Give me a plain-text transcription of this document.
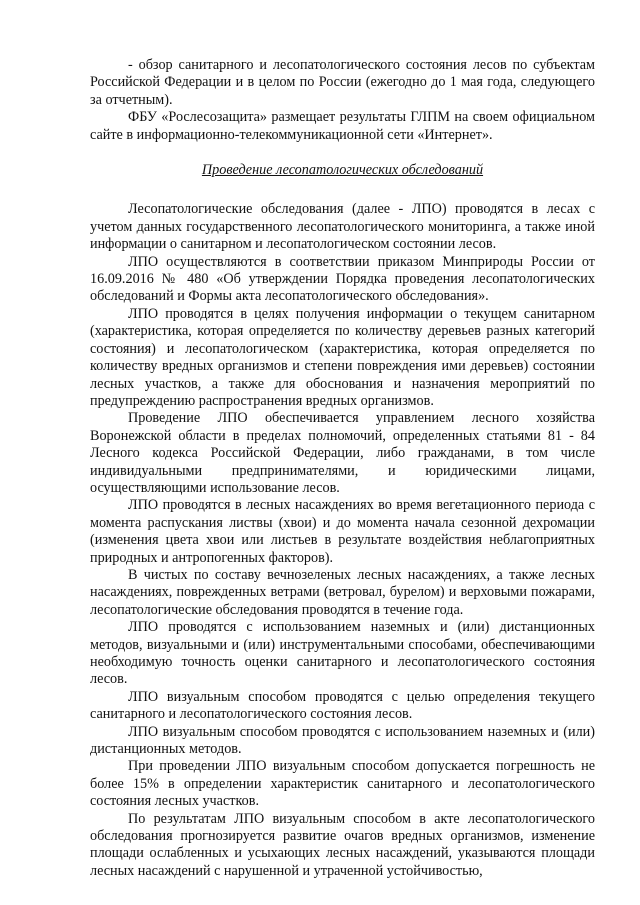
- обзор санитарного и лесопатологического состояния лесов по субъектам Российской Федерации и в целом по России (ежегодно до 1 мая года, следующего за отчетным).

ФБУ «Рослесозащита» размещает результаты ГЛПМ на своем официальном сайте в информационно-телекоммуникационной сети «Интернет».

Проведение лесопатологических обследований

Лесопатологические обследования (далее - ЛПО) проводятся в лесах с учетом данных государственного лесопатологического мониторинга, а также иной информации о санитарном и лесопатологическом состоянии лесов.

ЛПО осуществляются в соответствии приказом Минприроды России от 16.09.2016 № 480 «Об утверждении Порядка проведения лесопатологических обследований и Формы акта лесопатологического обследования».

ЛПО проводятся в целях получения информации о текущем санитарном (характеристика, которая определяется по количеству деревьев разных категорий состояния) и лесопатологическом (характеристика, которая определяется по количеству вредных организмов и степени повреждения ими деревьев) состоянии лесных участков, а также для обоснования и назначения мероприятий по предупреждению распространения вредных организмов.

Проведение ЛПО обеспечивается управлением лесного хозяйства Воронежской области в пределах полномочий, определенных статьями 81 - 84 Лесного кодекса Российской Федерации, либо гражданами, в том числе индивидуальными предпринимателями, и юридическими лицами, осуществляющими использование лесов.

ЛПО проводятся в лесных насаждениях во время вегетационного периода с момента распускания листвы (хвои) и до момента начала сезонной дехромации (изменения цвета хвои или листьев в результате воздействия неблагоприятных природных и антропогенных факторов).

В чистых по составу вечнозеленых лесных насаждениях, а также лесных насаждениях, поврежденных ветрами (ветровал, бурелом) и верховыми пожарами, лесопатологические обследования проводятся в течение года.

ЛПО проводятся с использованием наземных и (или) дистанционных методов, визуальными и (или) инструментальными способами, обеспечивающими необходимую точность оценки санитарного и лесопатологического состояния лесов.

ЛПО визуальным способом проводятся с целью определения текущего санитарного и лесопатологического состояния лесов.

ЛПО визуальным способом проводятся с использованием наземных и (или) дистанционных методов.

При проведении ЛПО визуальным способом допускается погрешность не более 15% в определении характеристик санитарного и лесопатологического состояния лесных участков.

По результатам ЛПО визуальным способом в акте лесопатологического обследования прогнозируется развитие очагов вредных организмов, изменение площади ослабленных и усыхающих лесных насаждений, указываются площади лесных насаждений с нарушенной и утраченной устойчивостью,
